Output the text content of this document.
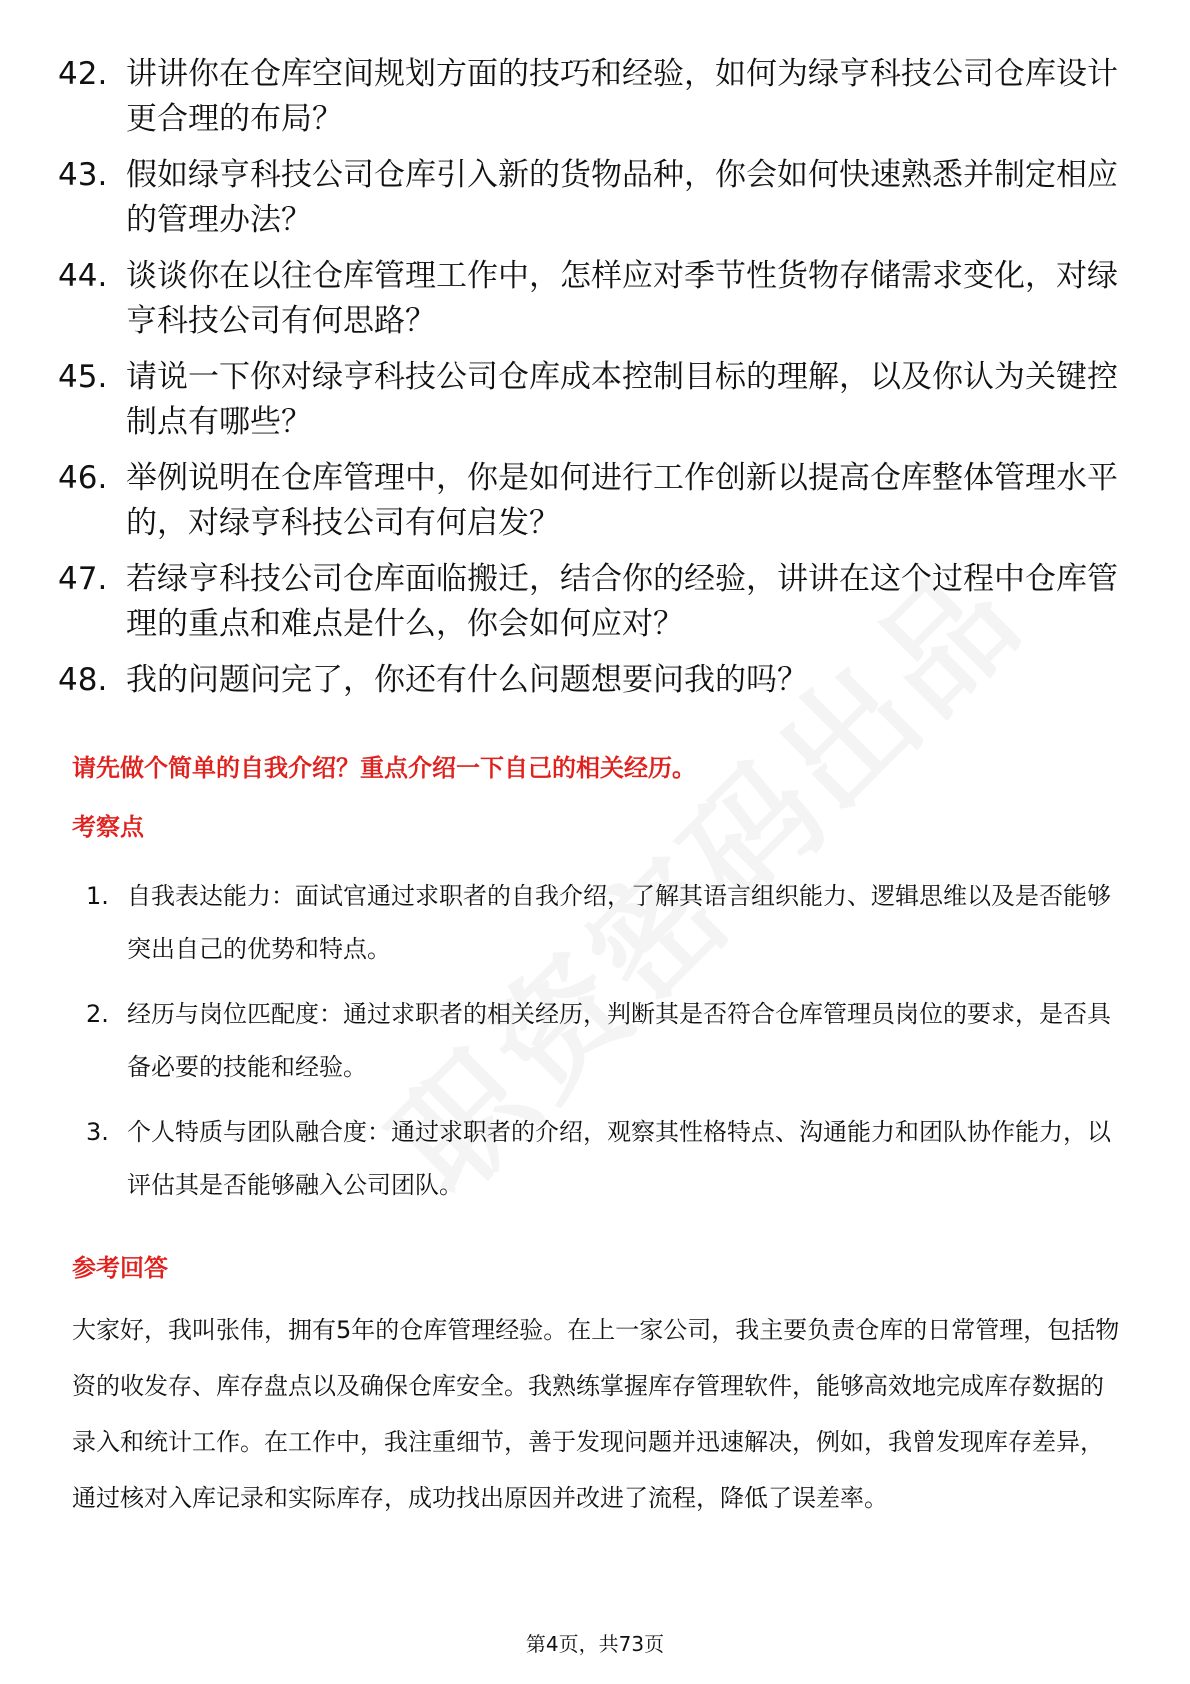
42. 讲讲你在仓库空间规划方面的技巧和经验，如何为绿亨科技公司仓库设计更合理的布局？
43. 假如绿亨科技公司仓库引入新的货物品种，你会如何快速熟悉并制定相应的管理办法？
44. 谈谈你在以往仓库管理工作中，怎样应对季节性货物存储需求变化，对绿亨科技公司有何思路？
45. 请说一下你对绿亨科技公司仓库成本控制目标的理解，以及你认为关键控制点有哪些？
46. 举例说明在仓库管理中，你是如何进行工作创新以提高仓库整体管理水平的，对绿亨科技公司有何启发？
47. 若绿亨科技公司仓库面临搬迁，结合你的经验，讲讲在这个过程中仓库管理的重点和难点是什么，你会如何应对？
48. 我的问题问完了，你还有什么问题想要问我的吗？
请先做个简单的自我介绍？重点介绍一下自己的相关经历。
考察点
1. 自我表达能力：面试官通过求职者的自我介绍，了解其语言组织能力、逻辑思维以及是否能够突出自己的优势和特点。
2. 经历与岗位匹配度：通过求职者的相关经历，判断其是否符合仓库管理员岗位的要求，是否具备必要的技能和经验。
3. 个人特质与团队融合度：通过求职者的介绍，观察其性格特点、沟通能力和团队协作能力，以评估其是否能够融入公司团队。
参考回答
大家好，我叫张伟，拥有5年的仓库管理经验。在上一家公司，我主要负责仓库的日常管理，包括物资的收发存、库存盘点以及确保仓库安全。我熟练掌握库存管理软件，能够高效地完成库存数据的录入和统计工作。在工作中，我注重细节，善于发现问题并迅速解决，例如，我曾发现库存差异，通过核对入库记录和实际库存，成功找出原因并改进了流程，降低了误差率。
第4页，共73页
